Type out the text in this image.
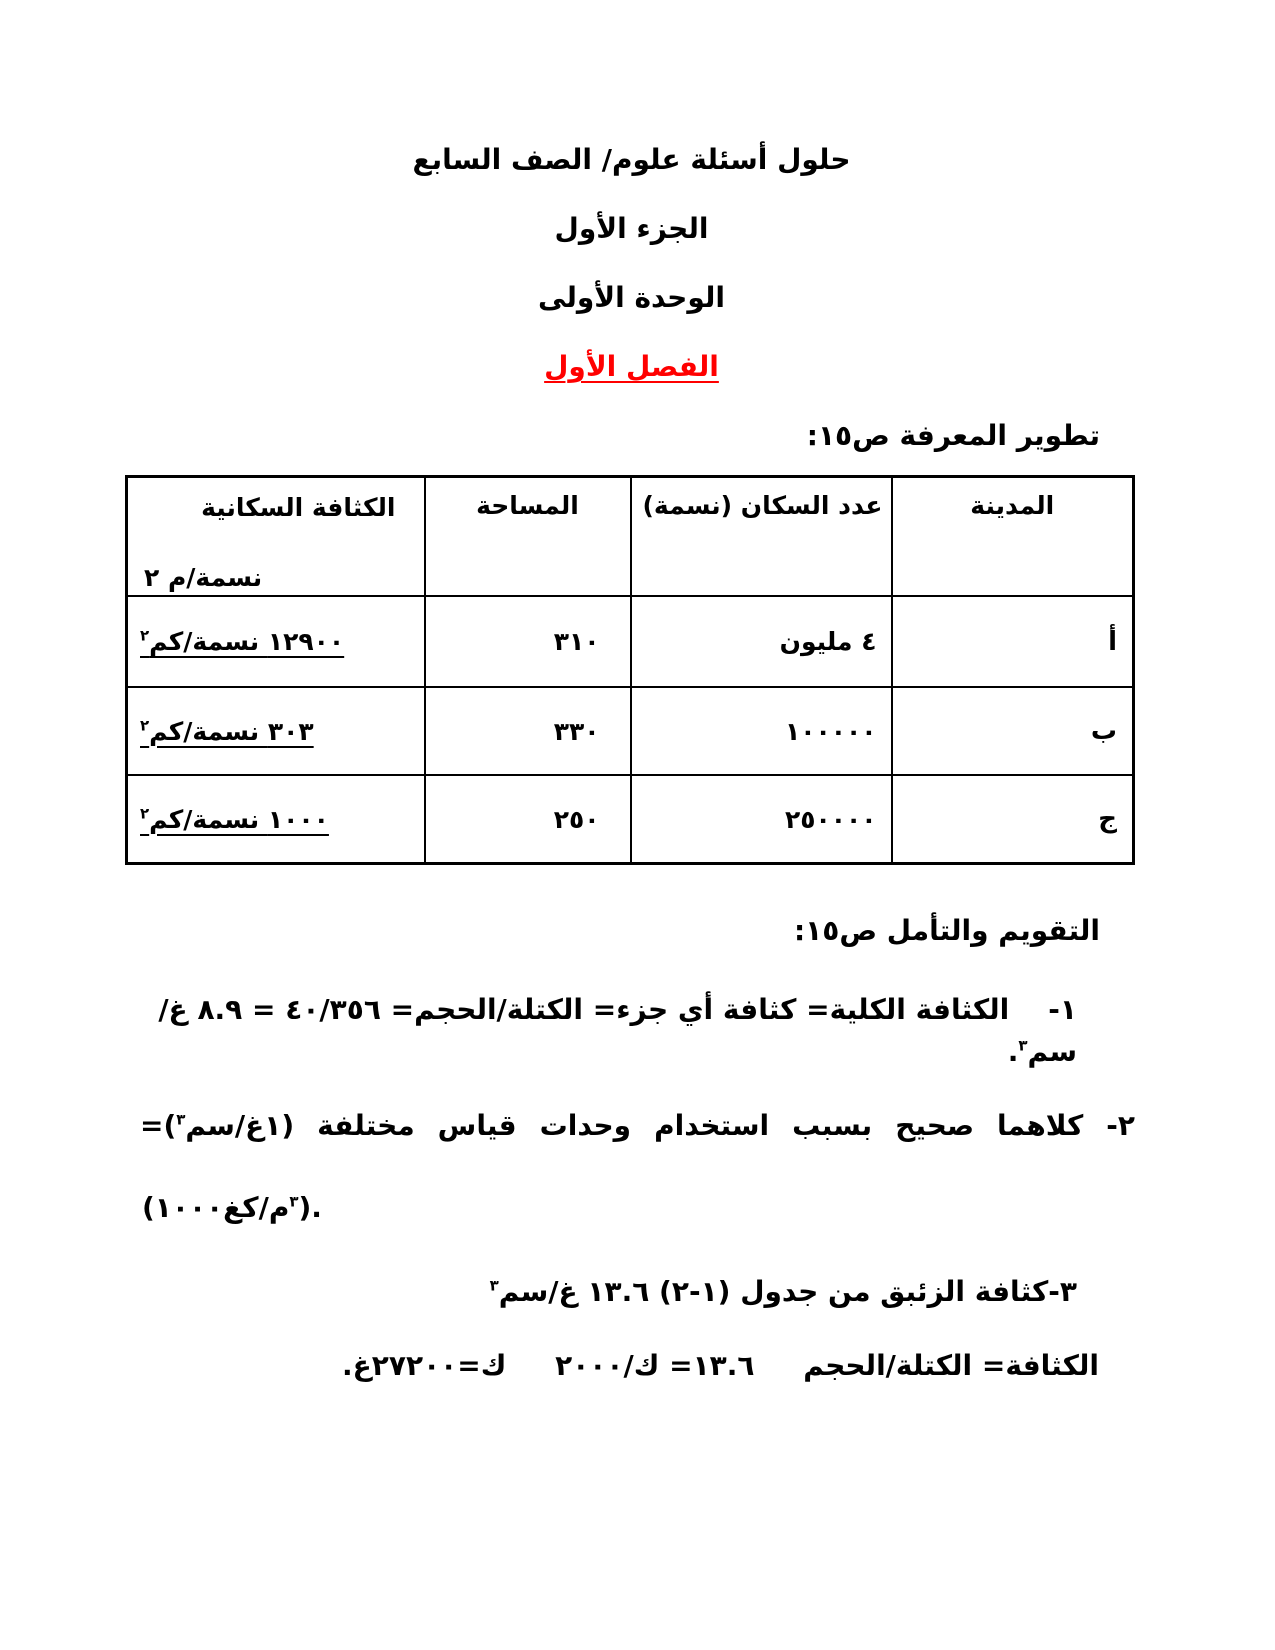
حلول أسئلة علوم/ الصف السابع
الجزء الأول
الوحدة الأولى
الفصل الأول
تطوير المعرفة ص١٥:
المدينة	عدد السكان (نسمة)	المساحة	الكثافة السكانية
نسمة/م ٢

أ	٤ مليون	٣١٠	١٢٩٠٠ نسمة/كم$^٢$
ب	١٠٠٠٠٠	٣٣٠	٣٠٣ نسمة/كم$^٢$
ج	٢٥٠٠٠٠	٢٥٠	١٠٠٠ نسمة/كم$^٢$
التقويم والتأمل ص١٥:

١-    الكثافة الكلية= كثافة أي جزء= الكتلة/الحجم= ٤٠/٣٥٦ = ٨.٩ غ/سم$^٣$.

٢- كلاهما صحيح بسبب استخدام وحدات قياس مختلفة (١غ/سم$^٣$)=

(١٠٠٠كغ/م$^٣$).

٣-كثافة الزئبق من جدول (١-٢) ١٣.٦ غ/سم$^٣$

الكثافة= الكتلة/الحجم     ١٣.٦= ك/٢٠٠٠     ك=٢٧٢٠٠غ.
